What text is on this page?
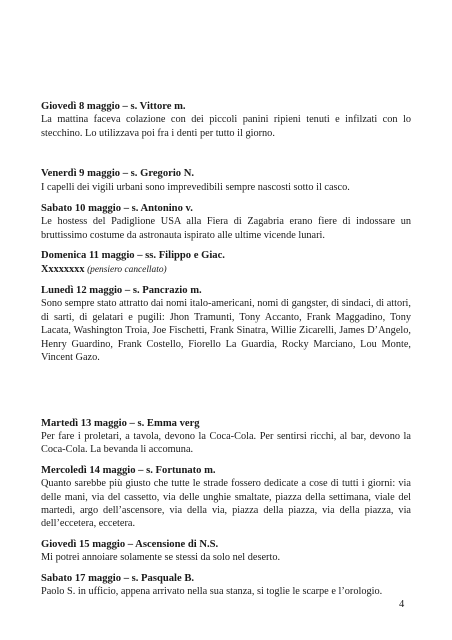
Giovedì 8 maggio – s. Vittore m.

La mattina faceva colazione con dei piccoli panini ripieni tenuti e infilzati con lo stecchino. Lo utilizzava poi fra i denti per tutto il giorno.

Venerdì 9 maggio – s. Gregorio N.

I capelli dei vigili urbani sono imprevedibili sempre nascosti sotto il casco.

Sabato 10 maggio – s. Antonino v.

Le hostess del Padiglione USA alla Fiera di Zagabria erano fiere di indossare un bruttissimo costume da astronauta ispirato alle ultime vicende lunari.

Domenica 11 maggio – ss. Filippo e Giac.

Xxxxxxxx (pensiero cancellato)

Lunedì 12 maggio – s. Pancrazio m.

Sono sempre stato attratto dai nomi italo-americani, nomi di gangster, di sindaci, di attori, di sarti, di gelatari e pugili: Jhon Tramunti, Tony Accanto, Frank Maggadino, Tony Lacata, Washington Troia, Joe Fischetti, Frank Sinatra, Willie Zicarelli, James D’Angelo, Henry Guardino, Frank Costello, Fiorello La Guardia, Rocky Marciano, Lou Monte, Vincent Gazo.

Martedì 13 maggio – s. Emma verg

Per fare i proletari, a tavola, devono la Coca-Cola. Per sentirsi ricchi, al bar, devono la Coca-Cola. La bevanda li accomuna.

Mercoledì 14 maggio – s. Fortunato m.

Quanto sarebbe più giusto che tutte le strade fossero dedicate a cose di tutti i giorni: via delle mani, via del cassetto, via delle unghie smaltate, piazza della settimana, viale del martedì, argo dell’ascensore, via della via, piazza della piazza, via della piazza, via dell’eccetera, eccetera.

Giovedì 15 maggio – Ascensione di N.S.

Mi potrei annoiare solamente se stessi da solo nel deserto.

Sabato 17 maggio – s. Pasquale B.

Paolo S. in ufficio, appena arrivato nella sua stanza, si toglie le scarpe e l’orologio.

4
